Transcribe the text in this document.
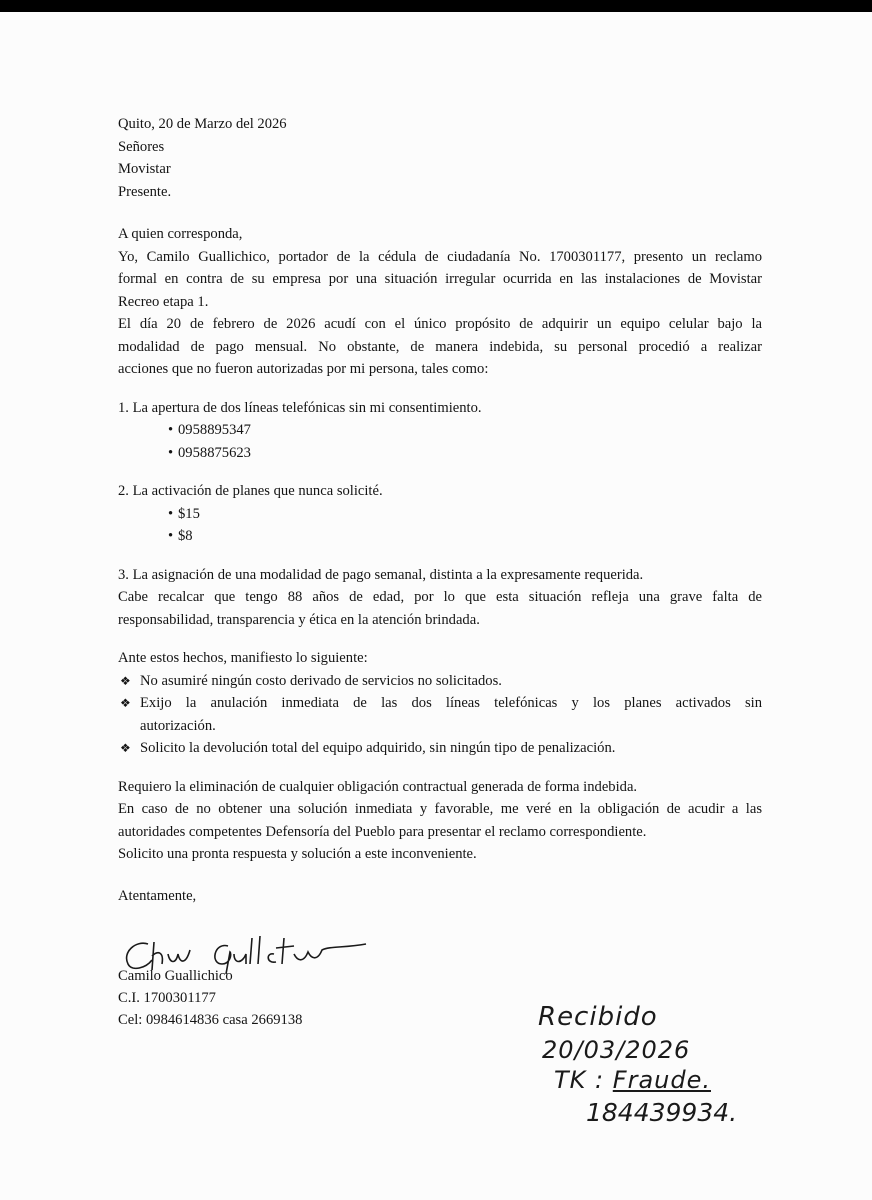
Quito, 20 de Marzo del 2026

Señores

Movistar

Presente.

A quien corresponda,

Yo, Camilo Guallichico, portador de la cédula de ciudadanía No. 1700301177, presento un reclamo

formal en contra de su empresa por una situación irregular ocurrida en las instalaciones de Movistar

Recreo etapa 1.

El día 20 de febrero de 2026 acudí con el único propósito de adquirir un equipo celular bajo la

modalidad de pago mensual. No obstante, de manera indebida, su personal procedió a realizar

acciones que no fueron autorizadas por mi persona, tales como:

1. La apertura de dos líneas telefónicas sin mi consentimiento.

• 0958895347
• 0958875623

2. La activación de planes que nunca solicité.

• $15
• $8

3. La asignación de una modalidad de pago semanal, distinta a la expresamente requerida.

Cabe recalcar que tengo 88 años de edad, por lo que esta situación refleja una grave falta de

responsabilidad, transparencia y ética en la atención brindada.

Ante estos hechos, manifiesto lo siguiente:

❖ No asumiré ningún costo derivado de servicios no solicitados.
❖ Exijo la anulación inmediata de las dos líneas telefónicas y los planes activados sin
autorización.
❖ Solicito la devolución total del equipo adquirido, sin ningún tipo de penalización.

Requiero la eliminación de cualquier obligación contractual generada de forma indebida.

En caso de no obtener una solución inmediata y favorable, me veré en la obligación de acudir a las

autoridades competentes Defensoría del Pueblo para presentar el reclamo correspondiente.

Solicito una pronta respuesta y solución a este inconveniente.

Atentamente,

Camilo Guallichico

C.I. 1700301177

Cel: 0984614836 casa 2669138	Recibido
20/03/2026
TK : Fraude.
184439934.
